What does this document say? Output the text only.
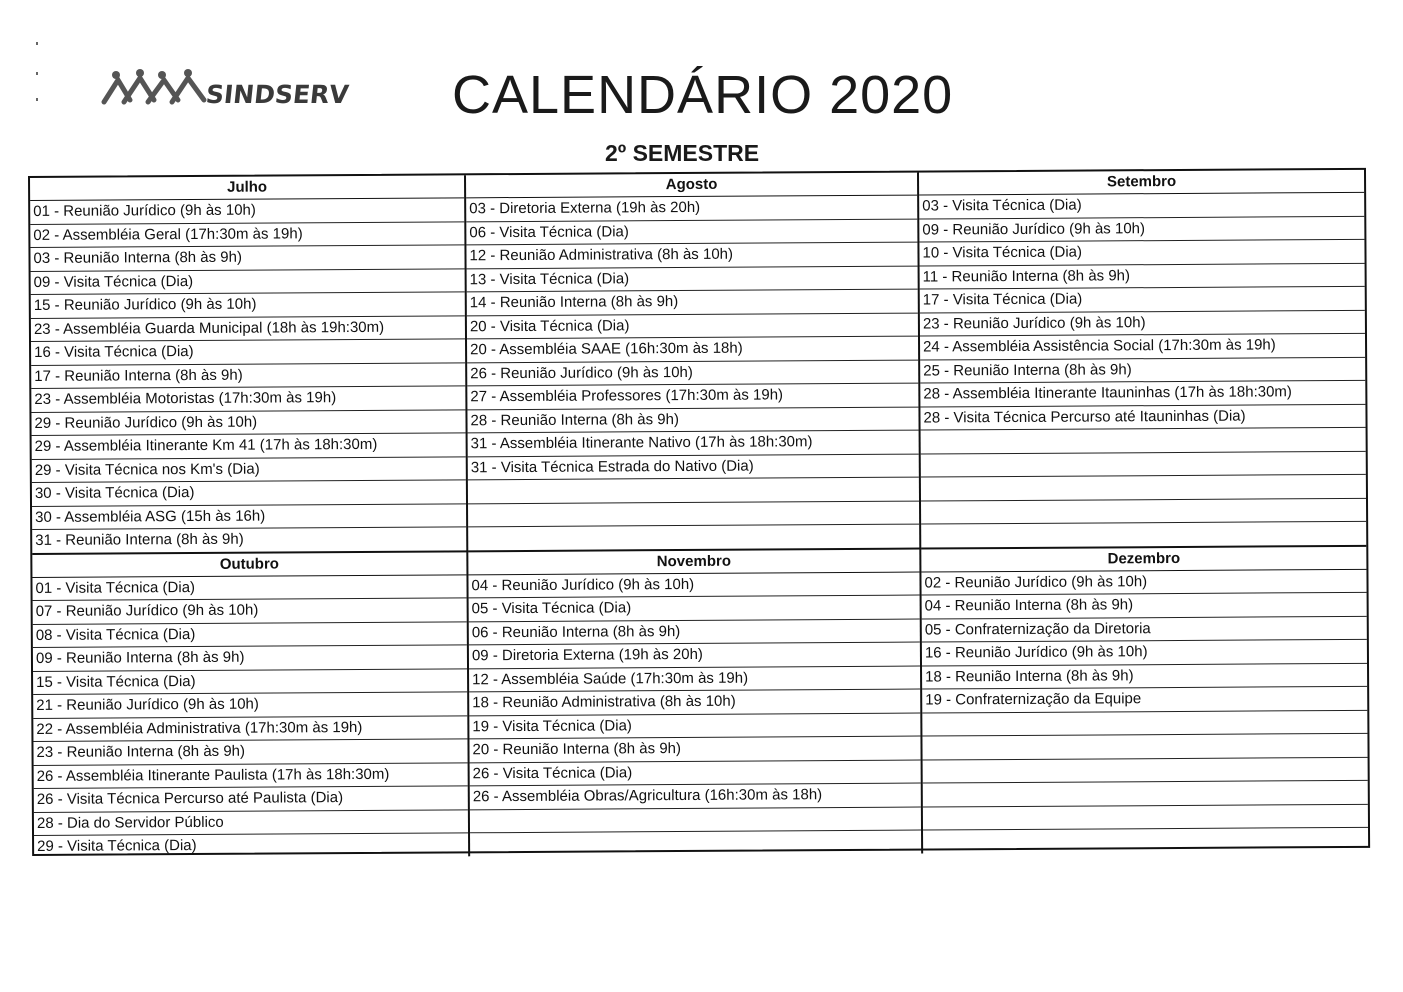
SINDSERV CALENDÁRIO 2020
2º SEMESTRE
Julho
01 - Reunião Jurídico (9h às 10h)
02 - Assembléia Geral (17h:30m às 19h)
03 - Reunião Interna (8h às 9h)
09 - Visita Técnica (Dia)
15 - Reunião Jurídico (9h às 10h)
23 - Assembléia Guarda Municipal (18h às 19h:30m)
16 - Visita Técnica (Dia)
17 - Reunião Interna (8h às 9h)
23 - Assembléia Motoristas (17h:30m às 19h)
29 - Reunião Jurídico (9h às 10h)
29 - Assembléia Itinerante Km 41 (17h às 18h:30m)
29 - Visita Técnica nos Km's (Dia)
30 - Visita Técnica (Dia)
30 - Assembléia ASG (15h às 16h)
31 - Reunião Interna (8h às 9h)
Agosto
03 - Diretoria Externa (19h às 20h)
06 - Visita Técnica (Dia)
12 - Reunião Administrativa (8h às 10h)
13 - Visita Técnica (Dia)
14 - Reunião Interna (8h às 9h)
20 - Visita Técnica (Dia)
20 - Assembléia SAAE (16h:30m às 18h)
26 - Reunião Jurídico (9h às 10h)
27 - Assembléia Professores (17h:30m às 19h)
28 - Reunião Interna (8h às 9h)
31 - Assembléia Itinerante Nativo (17h às 18h:30m)
31 - Visita Técnica Estrada do Nativo (Dia)
Setembro
03 - Visita Técnica (Dia)
09 - Reunião Jurídico (9h às 10h)
10 - Visita Técnica (Dia)
11 - Reunião Interna (8h às 9h)
17 - Visita Técnica (Dia)
23 - Reunião Jurídico (9h às 10h)
24 - Assembléia Assistência Social (17h:30m às 19h)
25 - Reunião Interna (8h às 9h)
28 - Assembléia Itinerante Itauninhas (17h às 18h:30m)
28 - Visita Técnica Percurso até Itauninhas (Dia)
Outubro
01 - Visita Técnica (Dia)
07 - Reunião Jurídico (9h às 10h)
08 - Visita Técnica (Dia)
09 - Reunião Interna (8h às 9h)
15 - Visita Técnica (Dia)
21 - Reunião Jurídico (9h às 10h)
22 - Assembléia Administrativa (17h:30m às 19h)
23 - Reunião Interna (8h às 9h)
26 - Assembléia Itinerante Paulista (17h às 18h:30m)
26 - Visita Técnica Percurso até Paulista (Dia)
28 - Dia do Servidor Público
29 - Visita Técnica (Dia)
Novembro
04 - Reunião Jurídico (9h às 10h)
05 - Visita Técnica (Dia)
06 - Reunião Interna (8h às 9h)
09 - Diretoria Externa (19h às 20h)
12 - Assembléia Saúde (17h:30m às 19h)
18 - Reunião Administrativa (8h às 10h)
19 - Visita Técnica (Dia)
20 - Reunião Interna (8h às 9h)
26 - Visita Técnica (Dia)
26 - Assembléia Obras/Agricultura (16h:30m às 18h)
Dezembro
02 - Reunião Jurídico (9h às 10h)
04 - Reunião Interna (8h às 9h)
05 - Confraternização da Diretoria
16 - Reunião Jurídico (9h às 10h)
18 - Reunião Interna (8h às 9h)
19 - Confraternização da Equipe
